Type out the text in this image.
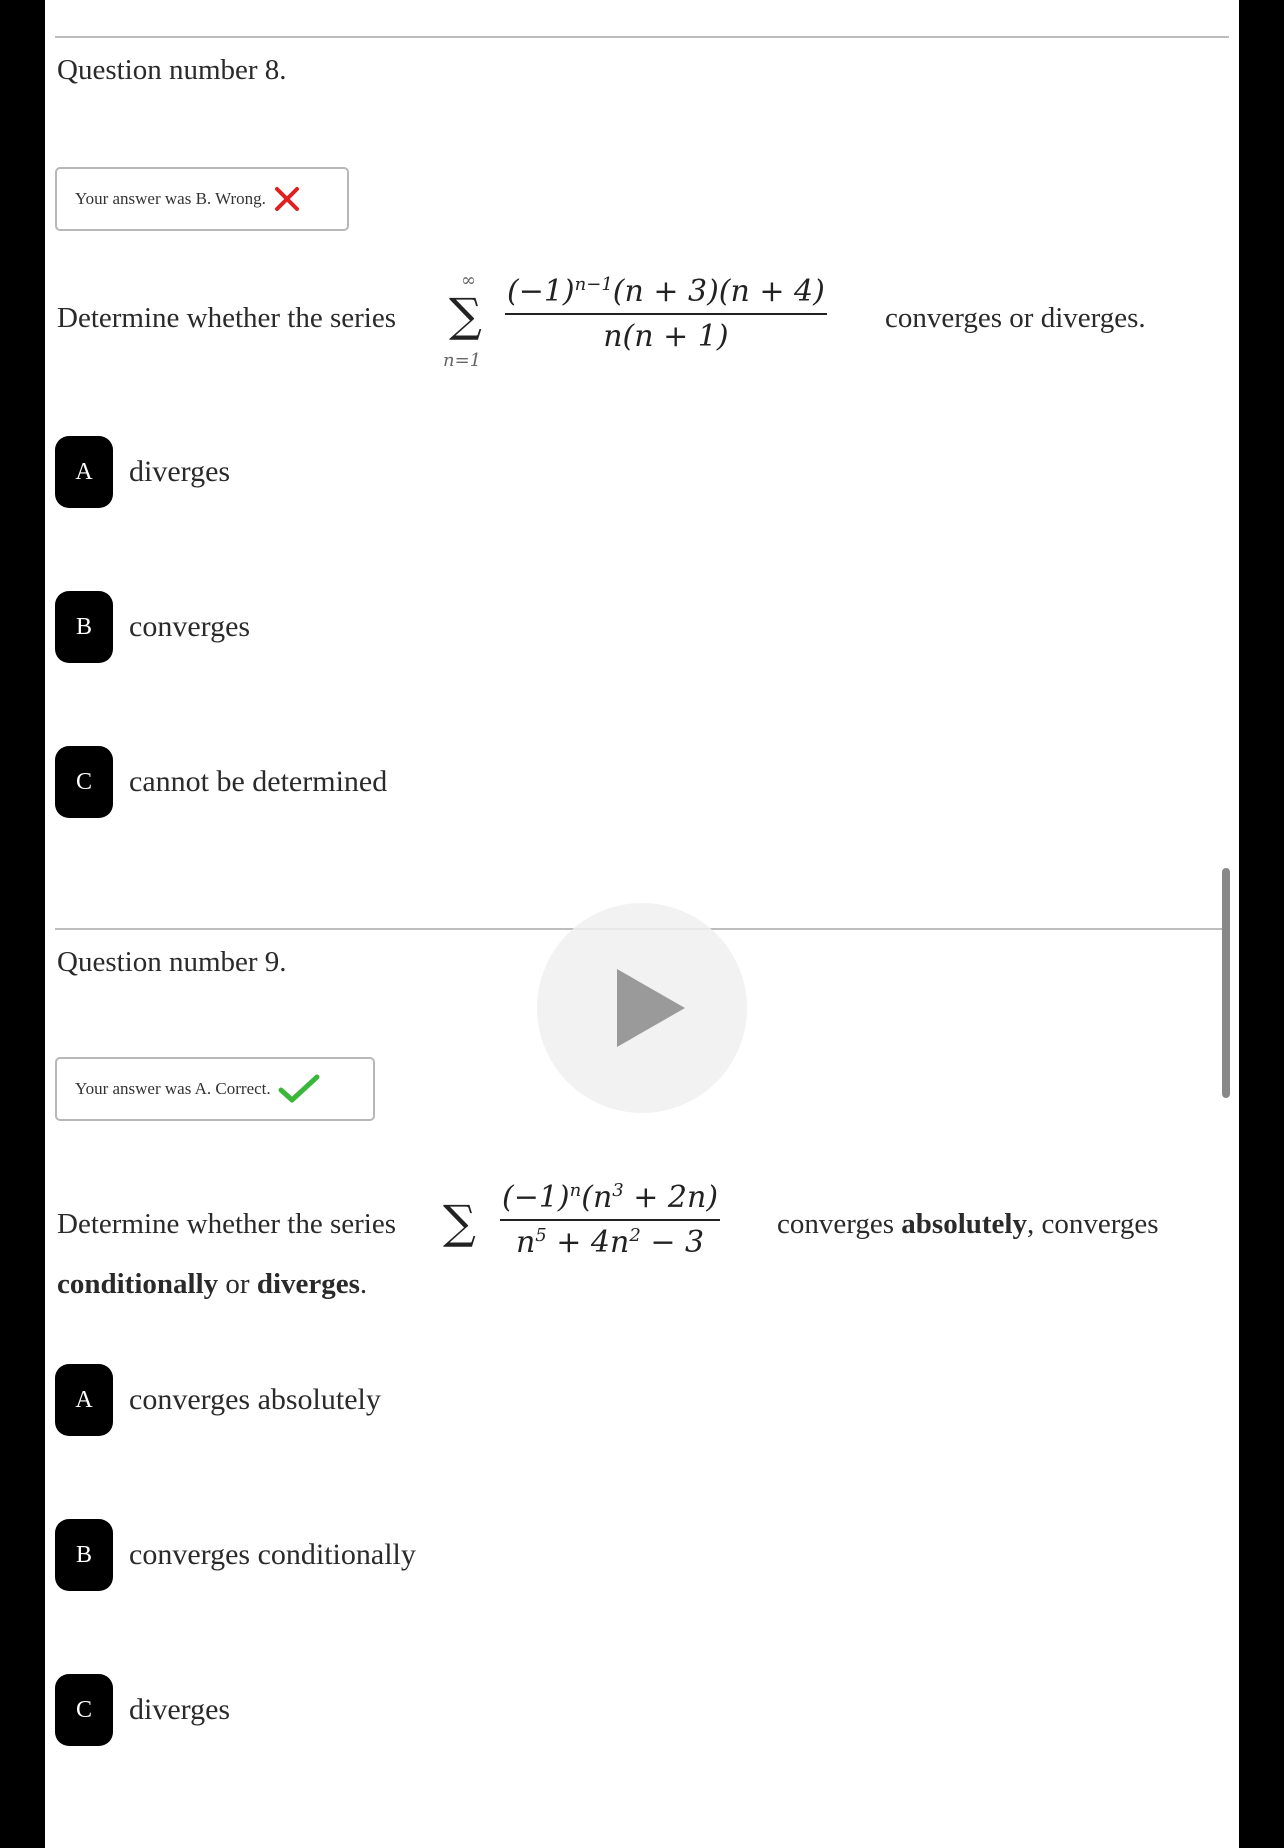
Question number 8.
Your answer was B. Wrong.
Determine whether the series
∞
∑
n=1
$\frac{(-1)^{n-1}(n + 3)(n + 4)}{n(n + 1)}$ converges or diverges.
A	diverges
B	converges
C	cannot be determined
Question number 9.
Your answer was A. Correct.
Determine whether the series ∑ $\frac{(-1)^n(n^3 + 2n)}{n^5 + 4n^2 - 3}$ converges absolutely, converges
conditionally or diverges.
A	converges absolutely
B	converges conditionally
C	diverges
